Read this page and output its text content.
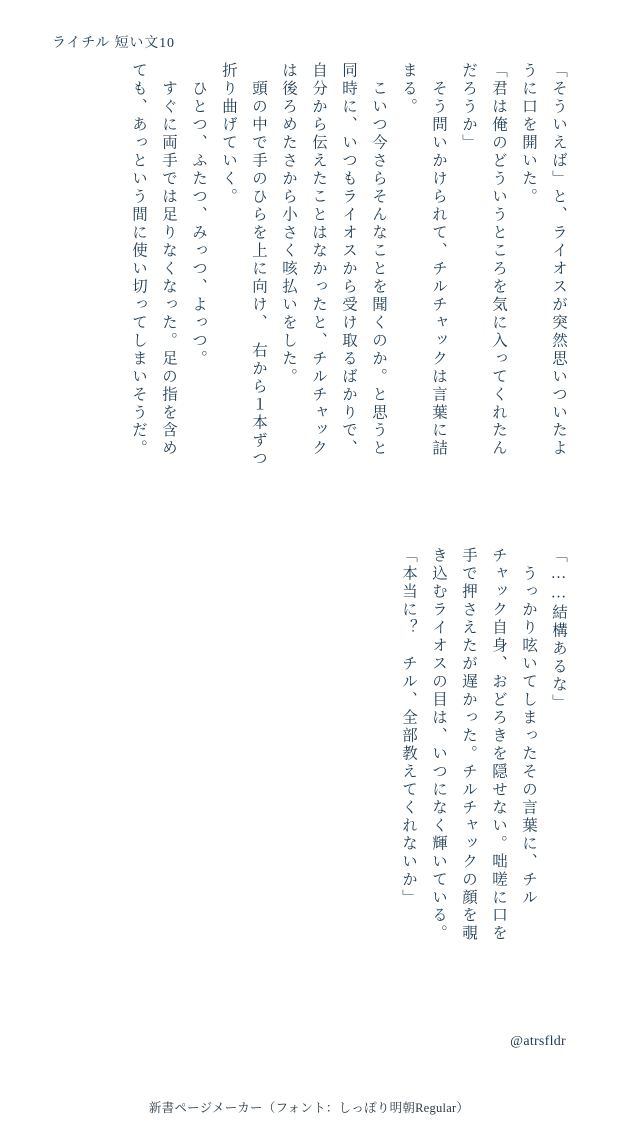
ライチル 短い文10
「そういえば」と、ライオスが突然思いついたよ
うに口を開いた。
「君は俺のどういうところを気に入ってくれたん
だろうか」
　そう問いかけられて、チルチャックは言葉に詰
まる。
　こいつ今さらそんなことを聞くのか。と思うと
同時に、いつもライオスから受け取るばかりで、
自分から伝えたことはなかったと、チルチャック
は後ろめたさから小さく咳払いをした。
　頭の中で手のひらを上に向け、　右から１本ずつ
折り曲げていく。
　ひとつ、ふたつ、みっつ、よっつ。
　すぐに両手では足りなくなった。足の指を含め
ても、あっという間に使い切ってしまいそうだ。
「……結構あるな」
　うっかり呟いてしまったその言葉に、チル
チャック自身、おどろきを隠せない。咄嗟に口を
手で押さえたが遅かった。チルチャックの顔を覗
き込むライオスの目は、いつになく輝いている。
「本当に？　チル、全部教えてくれないか」
@atrsfldr
新書ページメーカー（フォント：しっぽり明朝Regular）
